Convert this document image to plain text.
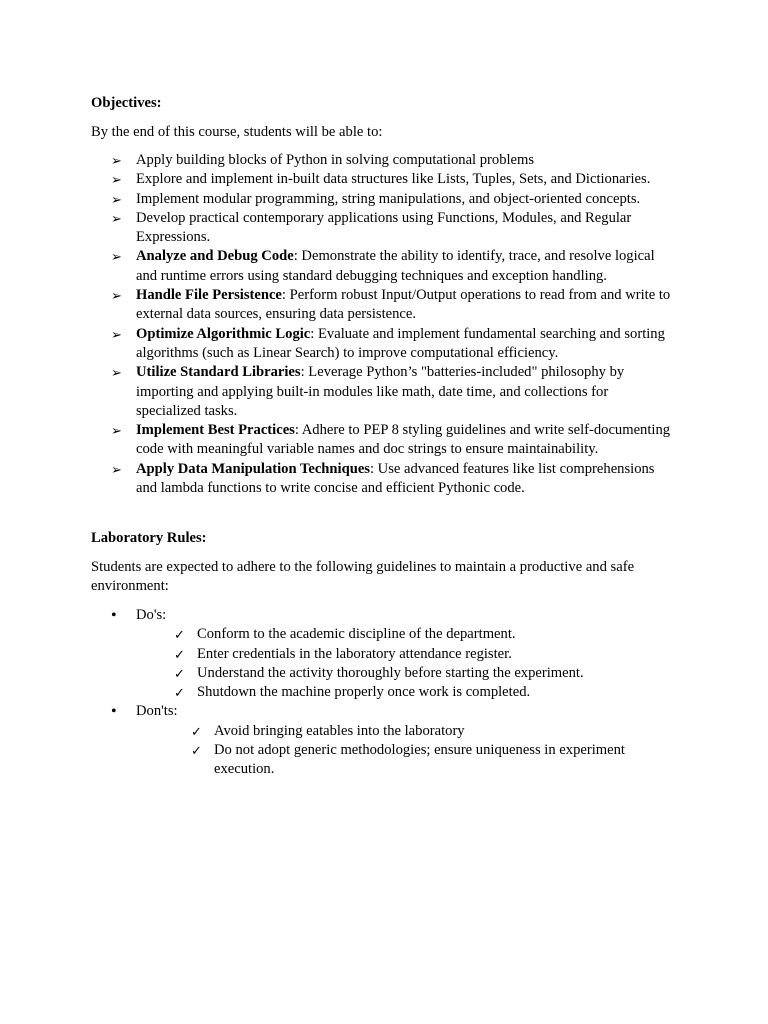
Objectives:
By the end of this course, students will be able to:
➢ Apply building blocks of Python in solving computational problems
➢ Explore and implement in-built data structures like Lists, Tuples, Sets, and Dictionaries.
➢ Implement modular programming, string manipulations, and object-oriented concepts.
➢ Develop practical contemporary applications using Functions, Modules, and Regular Expressions.
➢ Analyze and Debug Code: Demonstrate the ability to identify, trace, and resolve logical and runtime errors using standard debugging techniques and exception handling.
➢ Handle File Persistence: Perform robust Input/Output operations to read from and write to external data sources, ensuring data persistence.
➢ Optimize Algorithmic Logic: Evaluate and implement fundamental searching and sorting algorithms (such as Linear Search) to improve computational efficiency.
➢ Utilize Standard Libraries: Leverage Python’s "batteries-included" philosophy by importing and applying built-in modules like math, date time, and collections for specialized tasks.
➢ Implement Best Practices: Adhere to PEP 8 styling guidelines and write self-documenting code with meaningful variable names and doc strings to ensure maintainability.
➢ Apply Data Manipulation Techniques: Use advanced features like list comprehensions and lambda functions to write concise and efficient Pythonic code.
Laboratory Rules:
Students are expected to adhere to the following guidelines to maintain a productive and safe environment:
• Do's:
✓ Conform to the academic discipline of the department.
✓ Enter credentials in the laboratory attendance register.
✓ Understand the activity thoroughly before starting the experiment.
✓ Shutdown the machine properly once work is completed.
• Don'ts:
✓ Avoid bringing eatables into the laboratory
✓ Do not adopt generic methodologies; ensure uniqueness in experiment execution.
